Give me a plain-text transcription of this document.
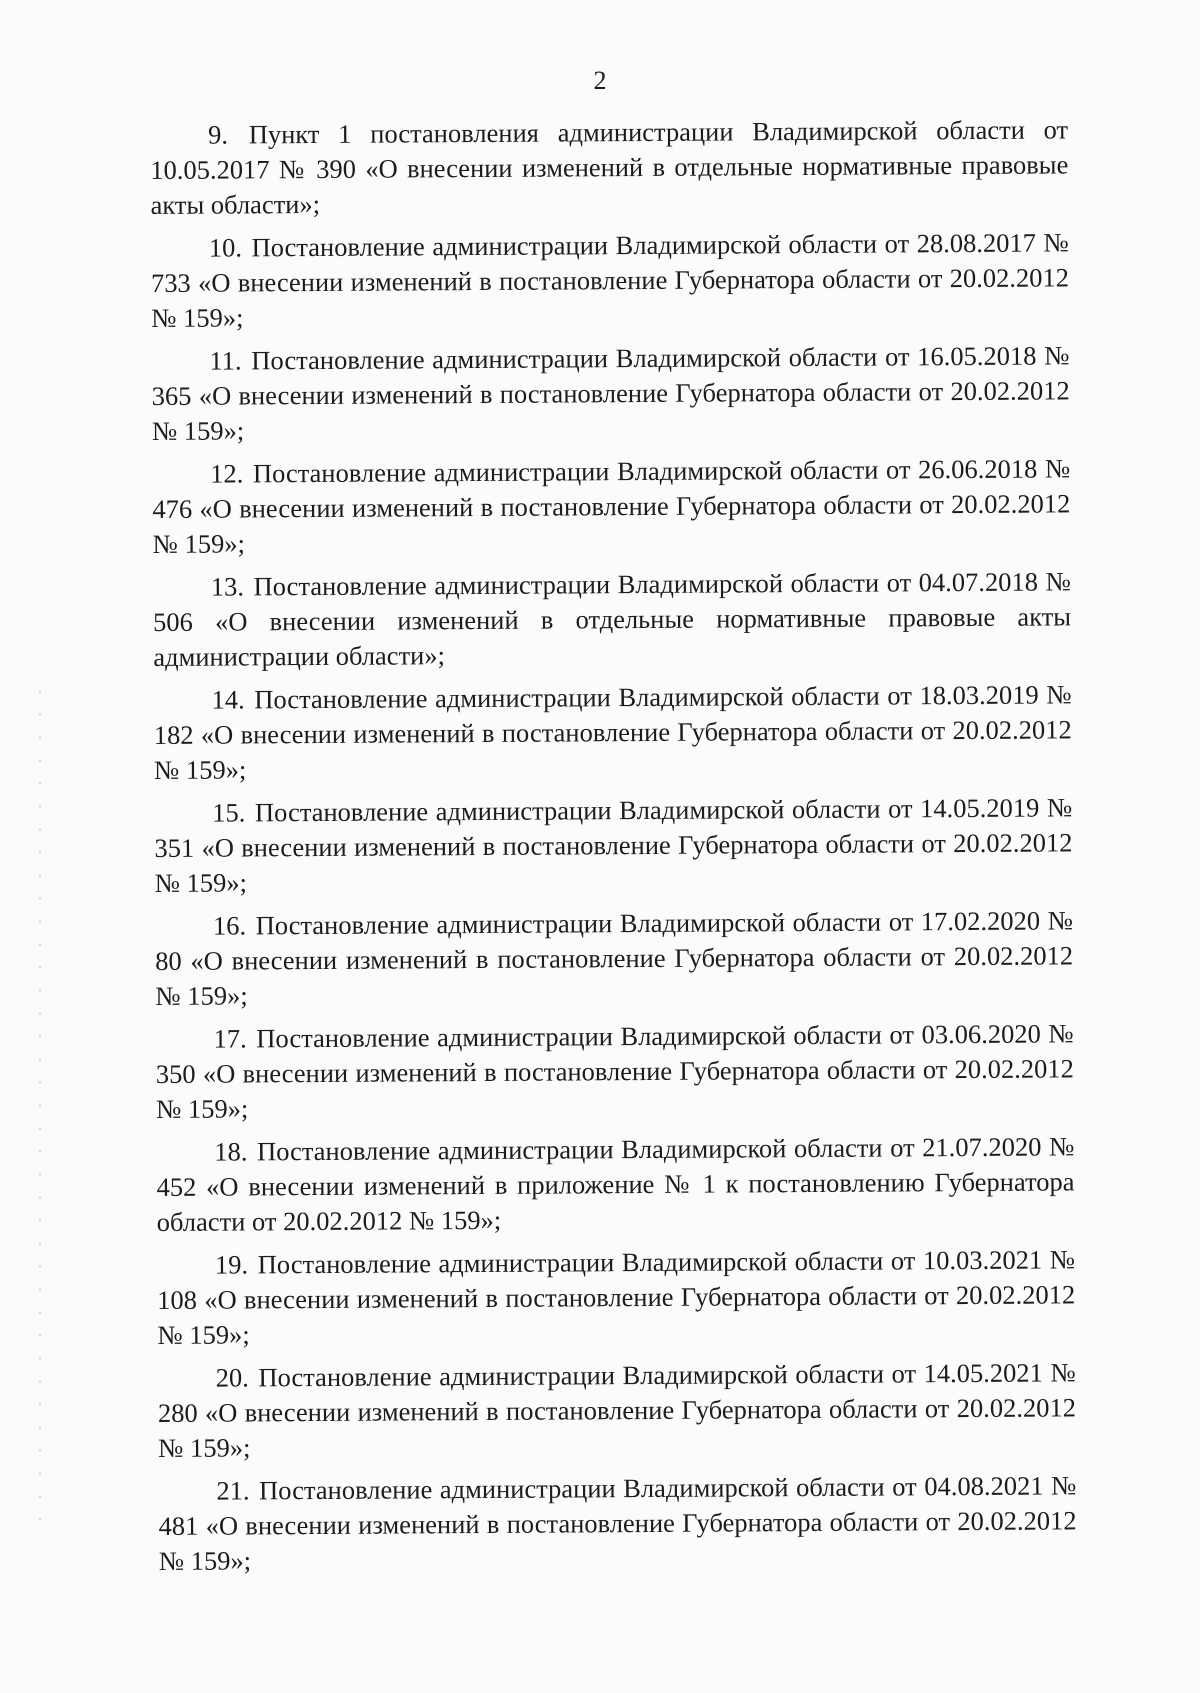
2

9. Пункт 1 постановления администрации Владимирской области от 10.05.2017 № 390 «О внесении изменений в отдельные нормативные правовые акты области»;

10. Постановление администрации Владимирской области от 28.08.2017 № 733 «О внесении изменений в постановление Губернатора области от 20.02.2012 № 159»;

11. Постановление администрации Владимирской области от 16.05.2018 № 365 «О внесении изменений в постановление Губернатора области от 20.02.2012 № 159»;

12. Постановление администрации Владимирской области от 26.06.2018 № 476 «О внесении изменений в постановление Губернатора области от 20.02.2012 № 159»;

13. Постановление администрации Владимирской области от 04.07.2018 № 506 «О внесении изменений в отдельные нормативные правовые акты администрации области»;

14. Постановление администрации Владимирской области от 18.03.2019 № 182 «О внесении изменений в постановление Губернатора области от 20.02.2012 № 159»;

15. Постановление администрации Владимирской области от 14.05.2019 № 351 «О внесении изменений в постановление Губернатора области от 20.02.2012 № 159»;

16. Постановление администрации Владимирской области от 17.02.2020 № 80 «О внесении изменений в постановление Губернатора области от 20.02.2012 № 159»;

17. Постановление администрации Владимирской области от 03.06.2020 № 350 «О внесении изменений в постановление Губернатора области от 20.02.2012 № 159»;

18. Постановление администрации Владимирской области от 21.07.2020 № 452 «О внесении изменений в приложение № 1 к постановлению Губернатора области от 20.02.2012 № 159»;

19. Постановление администрации Владимирской области от 10.03.2021 № 108 «О внесении изменений в постановление Губернатора области от 20.02.2012 № 159»;

20. Постановление администрации Владимирской области от 14.05.2021 № 280 «О внесении изменений в постановление Губернатора области от 20.02.2012 № 159»;

21. Постановление администрации Владимирской области от 04.08.2021 № 481 «О внесении изменений в постановление Губернатора области от 20.02.2012 № 159»;
